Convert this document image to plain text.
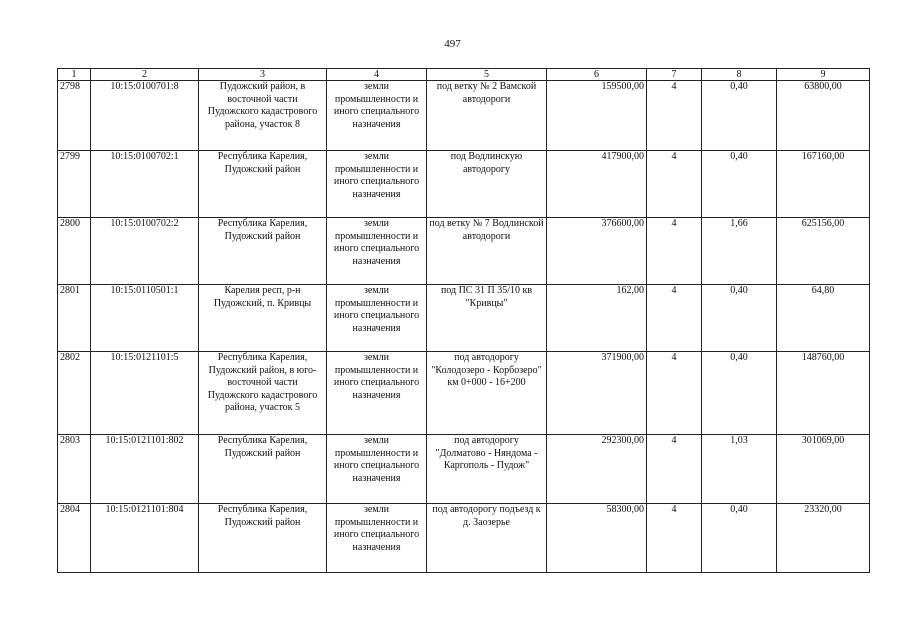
497
1	2	3	4	5	6	7	8	9
2798	10:15:0100701:8	Пудожский район, в восточной части Пудожского кадастрового района, участок 8	земли промышленности и иного специального назначения	под ветку № 2 Вамской автодороги	159500,00	4	0,40	63800,00
2799	10:15:0100702:1	Республика Карелия, Пудожский район	земли промышленности и иного специального назначения	под Водлинскую автодорогу	417900,00	4	0,40	167160,00
2800	10:15:0100702:2	Республика Карелия, Пудожский район	земли промышленности и иного специального назначения	под ветку № 7 Водлинской автодороги	376600,00	4	1,66	625156,00
2801	10:15:0110501:1	Карелия респ, р-н Пудожский, п. Кривцы	земли промышленности и иного специального назначения	под ПС 31 П 35/10 кв "Кривцы"	162,00	4	0,40	64,80
2802	10:15:0121101:5	Республика Карелия, Пудожский район, в юго-восточной части Пудожского кадастрового района, участок 5	земли промышленности и иного специального назначения	под автодорогу "Колодозеро - Корбозеро" км 0+000 - 16+200	371900,00	4	0,40	148760,00
2803	10:15:0121101:802	Республика Карелия, Пудожский район	земли промышленности и иного специального назначения	под автодорогу "Долматово - Няндома - Каргополь - Пудож"	292300,00	4	1,03	301069,00
2804	10:15:0121101:804	Республика Карелия, Пудожский район	земли промышленности и иного специального назначения	под автодорогу подъезд к д. Заозерье	58300,00	4	0,40	23320,00
